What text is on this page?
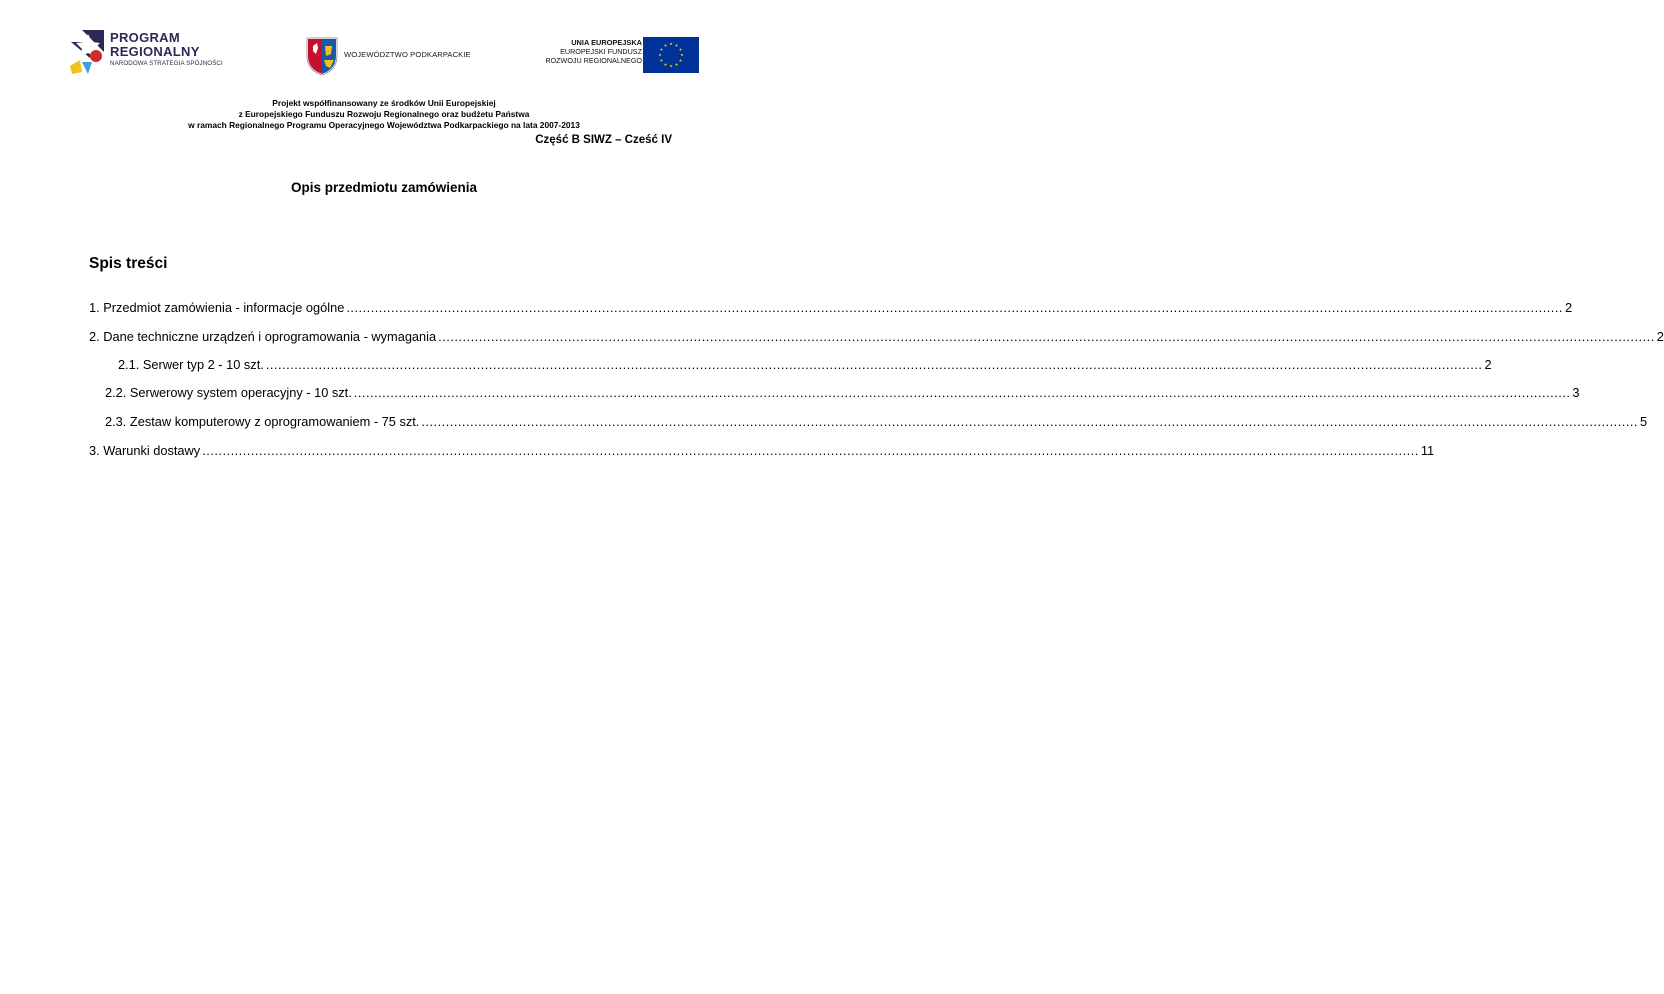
PROGRAM
REGIONALNY
NARODOWA STRATEGIA SPÓJNOŚCI
WOJEWÓDZTWO PODKARPACKIE
UNIA EUROPEJSKA
EUROPEJSKI FUNDUSZ
ROZWOJU REGIONALNEGO
Projekt współfinansowany ze środków Unii Europejskiej
z Europejskiego Funduszu Rozwoju Regionalnego oraz budżetu Państwa
w ramach Regionalnego Programu Operacyjnego Województwa Podkarpackiego na lata 2007-2013
Część B SIWZ – Cześć IV
Opis przedmiotu zamówienia
Spis treści
1. Przedmiot zamówienia - informacje ogólne ............................................................................................................................................................................................................................................................................................................ 2
2. Dane techniczne urządzeń i oprogramowania - wymagania ............................................................................................................................................................................................................................................................................................................ 2
2.1. Serwer typ 2 - 10 szt. ............................................................................................................................................................................................................................................................................................................ 2
2.2. Serwerowy system operacyjny - 10 szt. ............................................................................................................................................................................................................................................................................................................ 3
2.3. Zestaw komputerowy z oprogramowaniem - 75 szt. ............................................................................................................................................................................................................................................................................................................ 5
3. Warunki dostawy ............................................................................................................................................................................................................................................................................................................ 11
